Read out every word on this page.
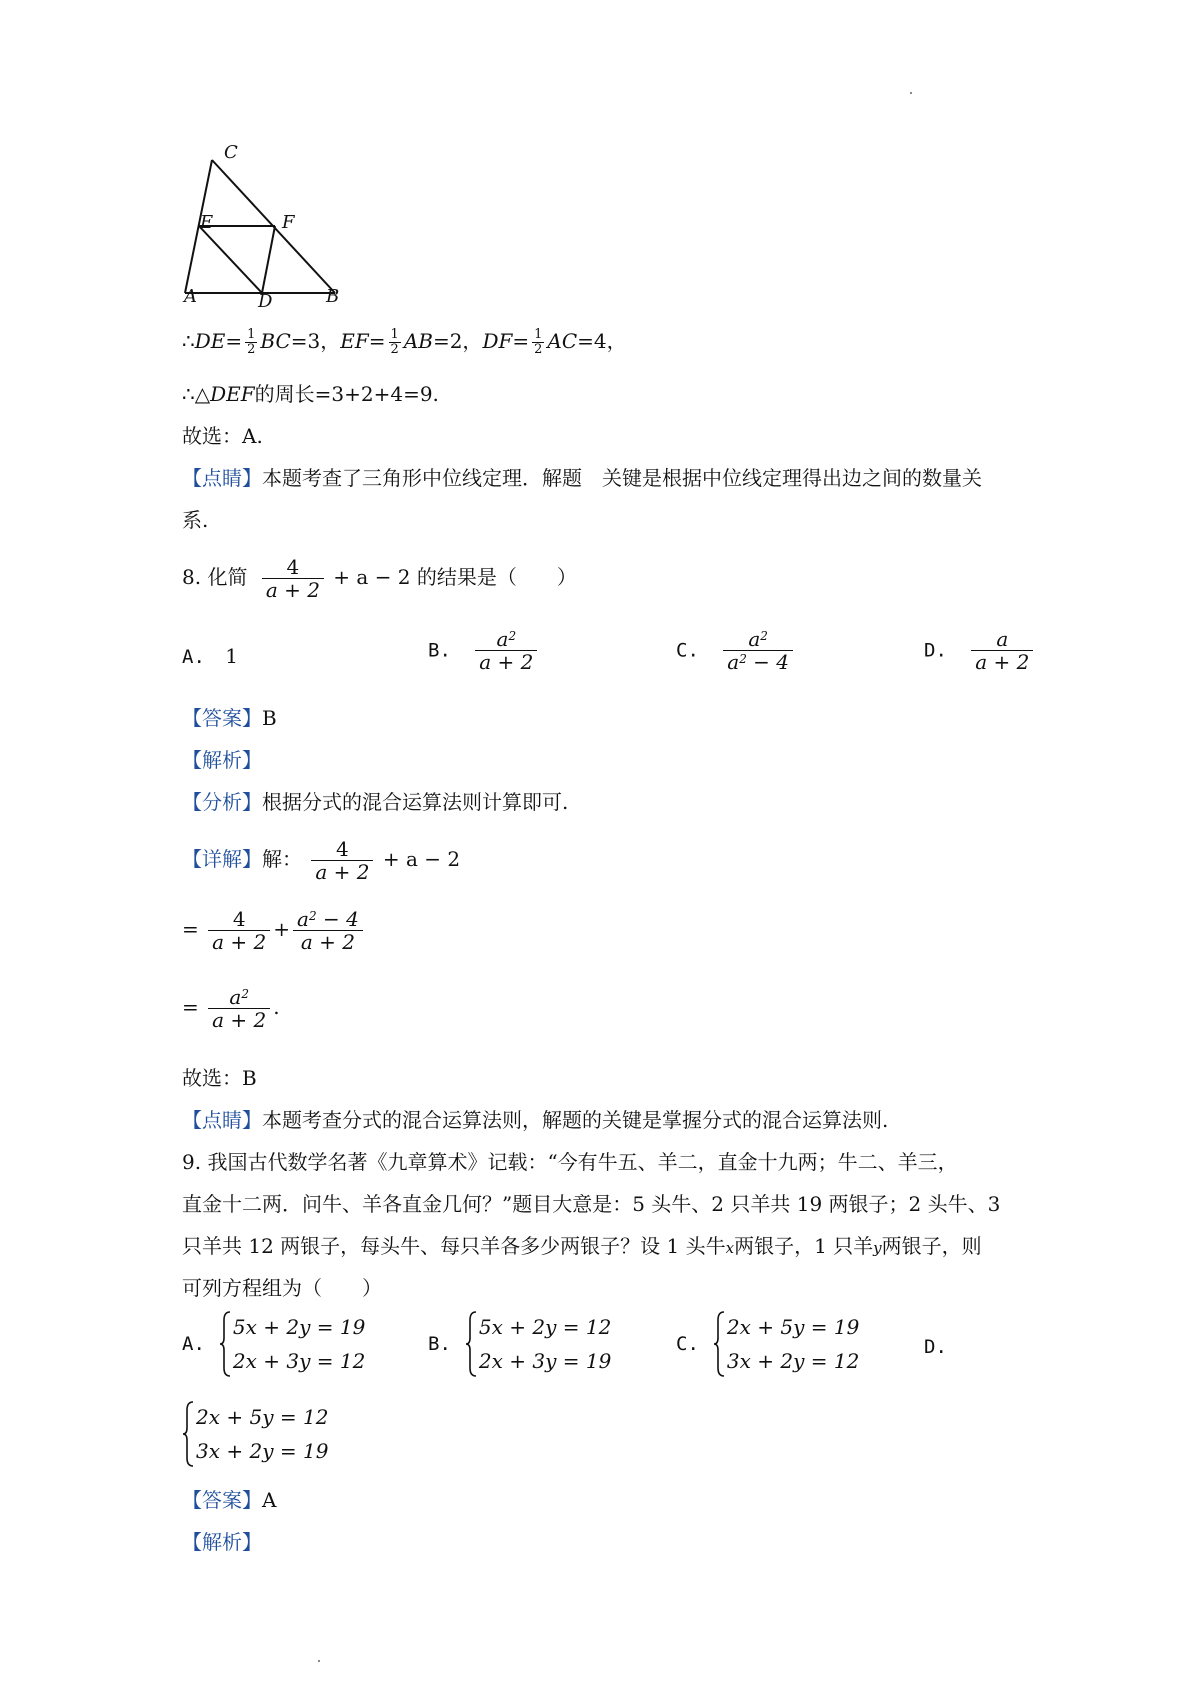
C
E	F
A	D	B
∴DE= $\frac{1}{2} BC=3$，$EF= \frac{1}{2} AB=2$，$DF= \frac{1}{2} AC=4$，
∴△DEF的周长=3+2+4=9.
故选：A.
【点睛】本题考查了三角形中位线定理．解题　关键是根据中位线定理得出边之间的数量关
系.
8. 化简 $\frac{4}{a + 2} + a - 2$ 的结果是（　　）
A. 1	B. $\frac{a^2}{a + 2}$	C. $\frac{a^2}{a^2 - 4}$	D. $\frac{a}{a + 2}$
【答案】B
【解析】
【分析】根据分式的混合运算法则计算即可.
【详解】解： $\frac{4}{a + 2} + a - 2$
= $\frac{4}{a + 2} + \frac{a^2 - 4}{a + 2}$
= $\frac{a^2}{a + 2}$ .
故选：B
【点睛】本题考查分式的混合运算法则，解题的关键是掌握分式的混合运算法则.
9. 我国古代数学名著《九章算术》记载：“今有牛五、羊二，直金十九两；牛二、羊三，
直金十二两．问牛、羊各直金几何？”题目大意是：5 头牛、2 只羊共 19 两银子；2 头牛、3
只羊共 12 两银子，每头牛、每只羊各多少两银子？设 1 头牛x两银子，1 只羊y两银子，则
可列方程组为（　　）
A.
5x + 2y = 19
2x + 3y = 12
B.
5x + 2y = 12
2x + 3y = 19
C.
2x + 5y = 19
3x + 2y = 12
D.
2x + 5y = 12
3x + 2y = 19
【答案】A
【解析】
